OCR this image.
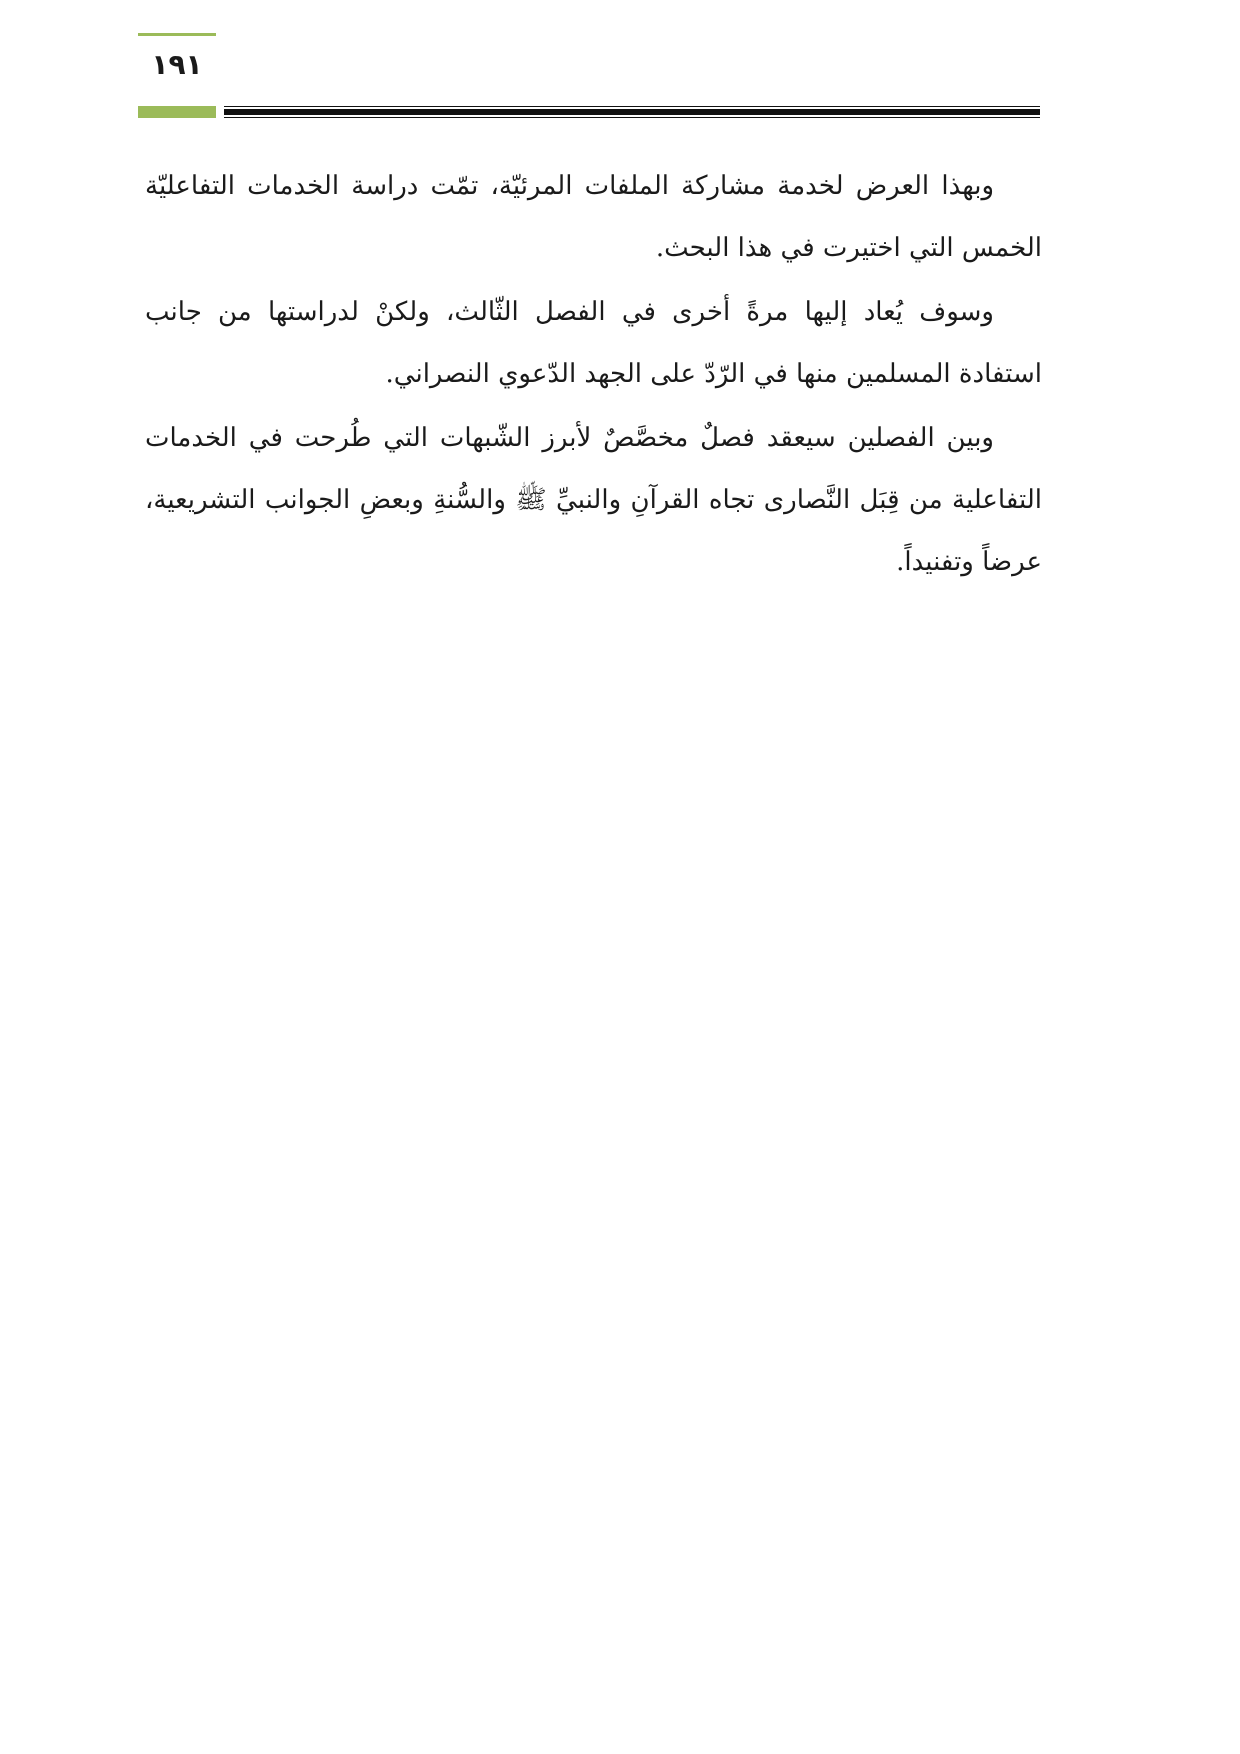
١٩١

وبهذا العرض لخدمة مشاركة الملفات المرئيّة، تمّت دراسة الخدمات التفاعليّة الخمس التي اختيرت في هذا البحث.

وسوف يُعاد إليها مرةً أخرى في الفصل الثّالث، ولكنْ لدراستها من جانب استفادة المسلمين منها في الرّدّ على الجهد الدّعوي النصراني.

وبين الفصلين سيعقد فصلٌ مخصَّصٌ لأبرز الشّبهات التي طُرحت في الخدمات التفاعلية من قِبَل النَّصارى تجاه القرآنِ والنبيِّ ﷺ والسُّنةِ وبعضِ الجوانب التشريعية، عرضاً وتفنيداً.
